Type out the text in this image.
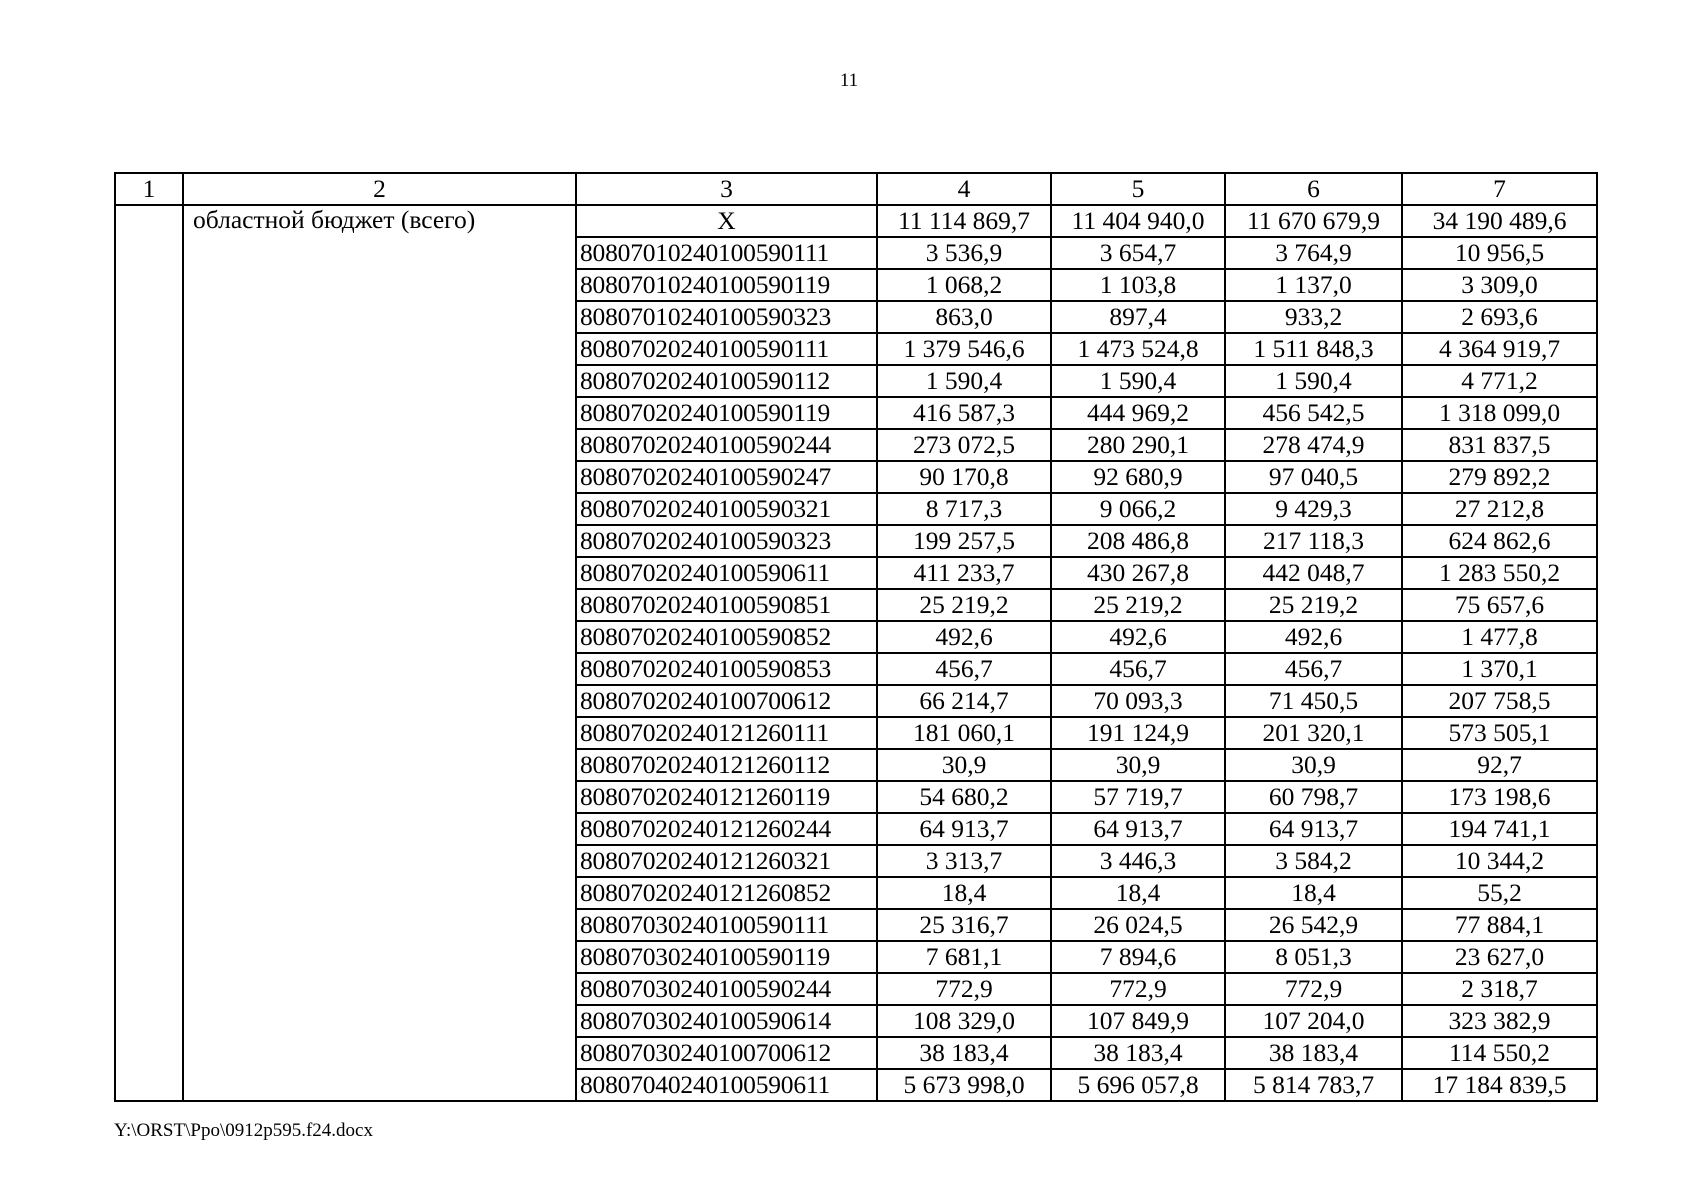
11
1	2	3	4	5	6	7
	областной бюджет (всего)	X	11 114 869,7	11 404 940,0	11 670 679,9	34 190 489,6
		80807010240100590111	3 536,9	3 654,7	3 764,9	10 956,5
		80807010240100590119	1 068,2	1 103,8	1 137,0	3 309,0
		80807010240100590323	863,0	897,4	933,2	2 693,6
		80807020240100590111	1 379 546,6	1 473 524,8	1 511 848,3	4 364 919,7
		80807020240100590112	1 590,4	1 590,4	1 590,4	4 771,2
		80807020240100590119	416 587,3	444 969,2	456 542,5	1 318 099,0
		80807020240100590244	273 072,5	280 290,1	278 474,9	831 837,5
		80807020240100590247	90 170,8	92 680,9	97 040,5	279 892,2
		80807020240100590321	8 717,3	9 066,2	9 429,3	27 212,8
		80807020240100590323	199 257,5	208 486,8	217 118,3	624 862,6
		80807020240100590611	411 233,7	430 267,8	442 048,7	1 283 550,2
		80807020240100590851	25 219,2	25 219,2	25 219,2	75 657,6
		80807020240100590852	492,6	492,6	492,6	1 477,8
		80807020240100590853	456,7	456,7	456,7	1 370,1
		80807020240100700612	66 214,7	70 093,3	71 450,5	207 758,5
		80807020240121260111	181 060,1	191 124,9	201 320,1	573 505,1
		80807020240121260112	30,9	30,9	30,9	92,7
		80807020240121260119	54 680,2	57 719,7	60 798,7	173 198,6
		80807020240121260244	64 913,7	64 913,7	64 913,7	194 741,1
		80807020240121260321	3 313,7	3 446,3	3 584,2	10 344,2
		80807020240121260852	18,4	18,4	18,4	55,2
		80807030240100590111	25 316,7	26 024,5	26 542,9	77 884,1
		80807030240100590119	7 681,1	7 894,6	8 051,3	23 627,0
		80807030240100590244	772,9	772,9	772,9	2 318,7
		80807030240100590614	108 329,0	107 849,9	107 204,0	323 382,9
		80807030240100700612	38 183,4	38 183,4	38 183,4	114 550,2
		80807040240100590611	5 673 998,0	5 696 057,8	5 814 783,7	17 184 839,5
Y:\ORST\Ppo\0912p595.f24.docx
